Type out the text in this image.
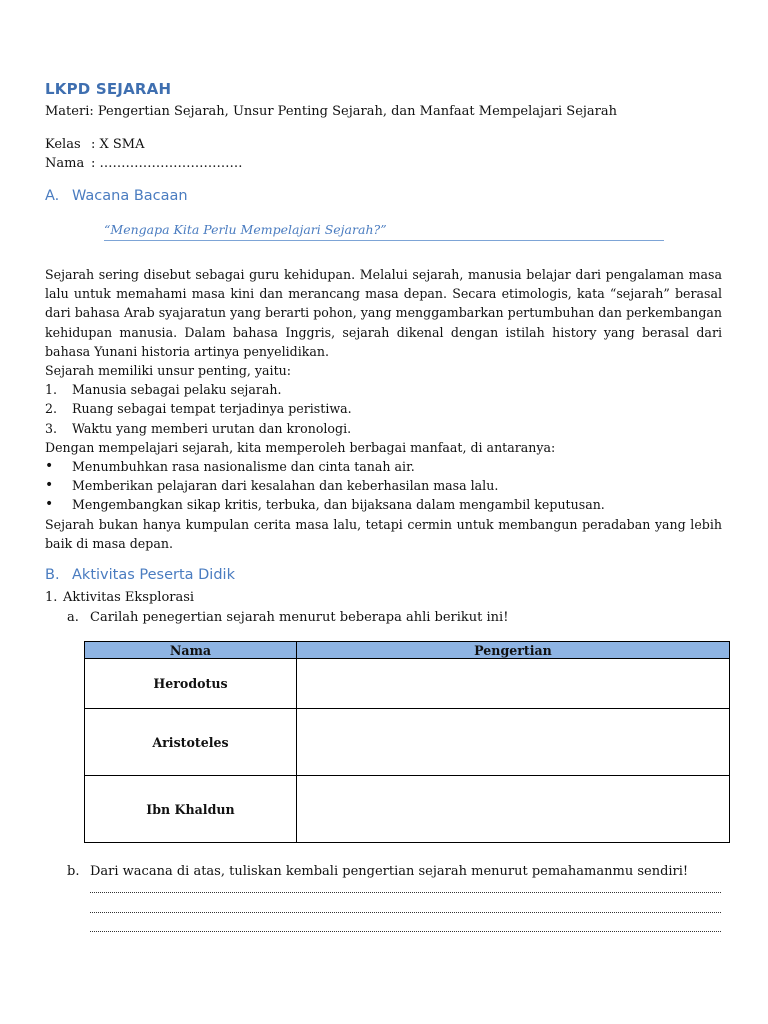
LKPD SEJARAH
Materi: Pengertian Sejarah, Unsur Penting Sejarah, dan Manfaat Mempelajari Sejarah
Kelas : X SMA
Nama : ……………………………
A. Wacana Bacaan
“Mengapa Kita Perlu Mempelajari Sejarah?”

Sejarah sering disebut sebagai guru kehidupan. Melalui sejarah, manusia belajar dari pengalaman masa lalu untuk memahami masa kini dan merancang masa depan. Secara etimologis, kata “sejarah” berasal dari bahasa Arab syajaratun yang berarti pohon, yang menggambarkan pertumbuhan dan perkembangan kehidupan manusia. Dalam bahasa Inggris, sejarah dikenal dengan istilah history yang berasal dari bahasa Yunani historia artinya penyelidikan.

Sejarah memiliki unsur penting, yaitu:

1.	Manusia sebagai pelaku sejarah.
2.	Ruang sebagai tempat terjadinya peristiwa.
3.	Waktu yang memberi urutan dan kronologi.

Dengan mempelajari sejarah, kita memperoleh berbagai manfaat, di antaranya:

•	Menumbuhkan rasa nasionalisme dan cinta tanah air.
•	Memberikan pelajaran dari kesalahan dan keberhasilan masa lalu.
•	Mengembangkan sikap kritis, terbuka, dan bijaksana dalam mengambil keputusan.

Sejarah bukan hanya kumpulan cerita masa lalu, tetapi cermin untuk membangun peradaban yang lebih baik di masa depan.

B. Aktivitas Peserta Didik
1. Aktivitas Eksplorasi
a. Carilah penegertian sejarah menurut beberapa ahli berikut ini!
Nama	Pengertian
Herodotus	
Aristoteles	
Ibn Khaldun	
b. Dari wacana di atas, tuliskan kembali pengertian sejarah menurut pemahamanmu sendiri!
